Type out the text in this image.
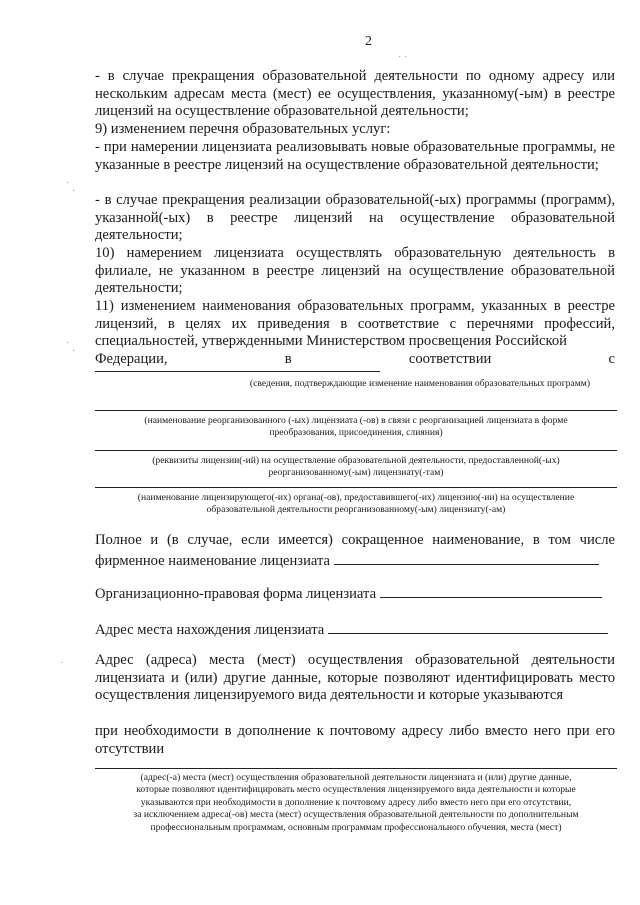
· ·
·
·
·
·
·
2
- в случае прекращения образовательной деятельности по одному адресу или нескольким адресам места (мест) ее осуществления, указанному(-ым) в реестре лицензий на осуществление образовательной деятельности;
9) изменением перечня образовательных услуг:
- при намерении лицензиата реализовывать новые образовательные программы, не указанные в реестре лицензий на осуществление образовательной деятельности;
- в случае прекращения реализации образовательной(-ых) программы (программ), указанной(-ых) в реестре лицензий на осуществление образовательной деятельности;
10) намерением лицензиата осуществлять образовательную деятельность в филиале, не указанном в реестре лицензий на осуществление образовательной деятельности;
11) изменением наименования образовательных программ, указанных в реестре лицензий, в целях их приведения в соответствие с перечнями профессий, специальностей, утвержденными Министерством просвещения Российской
Федерации,	в	соответствии	с
(сведения, подтверждающие изменение наименования образовательных программ)
(наименование реорганизованного (-ых) лицензиата (-ов) в связи с реорганизацией лицензиата в форме
преобразования, присоединения, слияния)
(реквизиты лицензии(-ий) на осуществление образовательной деятельности, предоставленной(-ых)
реорганизованному(-ым) лицензиату(-там)
(наименование лицензирующего(-их) органа(-ов), предоставившего(-их) лицензию(-ии) на осуществление
образовательной деятельности реорганизованному(-ым) лицензиату(-ам)
Полное и (в случае, если имеется) сокращенное наименование, в том числе фирменное наименование лицензиата
Организационно-правовая форма лицензиата
Адрес места нахождения лицензиата
Адрес (адреса) места (мест) осуществления образовательной деятельности лицензиата и (или) другие данные, которые позволяют идентифицировать место осуществления лицензируемого вида деятельности и которые указываются
при необходимости в дополнение к почтовому адресу либо вместо него при его отсутствии
(адрес(-а) места (мест) осуществления образовательной деятельности лицензиата и (или) другие данные,
которые позволяют идентифицировать место осуществления лицензируемого вида деятельности и которые
указываются при необходимости в дополнение к почтовому адресу либо вместо него при его отсутствии,
за исключением адреса(-ов) места (мест) осуществления образовательной деятельности по дополнительным
профессиональным программам, основным программам профессионального обучения, места (мест)
